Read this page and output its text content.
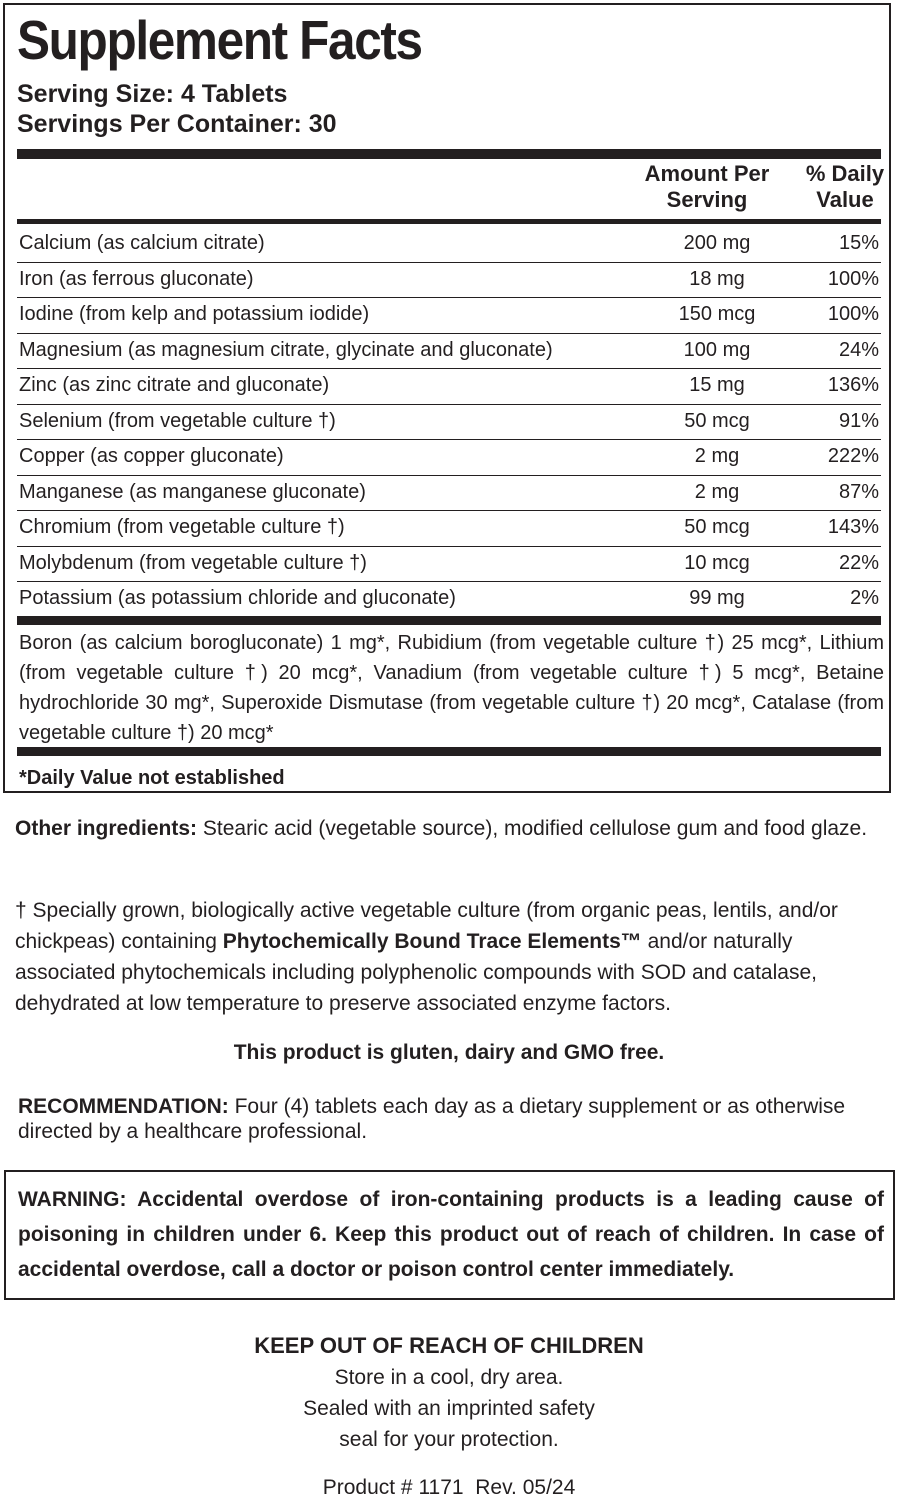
Supplement Facts
Serving Size: 4 Tablets
Servings Per Container: 30
Amount Per
Serving
% Daily
Value
Calcium (as calcium citrate)	200 mg	15%
Iron (as ferrous gluconate)	18 mg	100%
Iodine (from kelp and potassium iodide)	150 mcg	100%
Magnesium (as magnesium citrate, glycinate and gluconate)	100 mg	24%
Zinc (as zinc citrate and gluconate)	15 mg	136%
Selenium (from vegetable culture †)	50 mcg	91%
Copper (as copper gluconate)	2 mg	222%
Manganese (as manganese gluconate)	2 mg	87%
Chromium (from vegetable culture †)	50 mcg	143%
Molybdenum (from vegetable culture †)	10 mcg	22%
Potassium (as potassium chloride and gluconate)	99 mg	2%
Boron (as calcium borogluconate) 1 mg*, Rubidium (from vegetable culture †) 25 mcg*, Lithium (from vegetable culture †) 20 mcg*, Vanadium (from vegetable culture †) 5 mcg*, Betaine hydrochloride 30 mg*, Superoxide Dismutase (from vegetable culture †) 20 mcg*, Catalase (from vegetable culture †) 20 mcg*
*Daily Value not established
Other ingredients: Stearic acid (vegetable source), modified cellulose gum and food glaze.
† Specially grown, biologically active vegetable culture (from organic peas, lentils, and/or chickpeas) containing Phytochemically Bound Trace Elements™ and/or naturally associated phytochemicals including polyphenolic compounds with SOD and catalase, dehydrated at low temperature to preserve associated enzyme factors.
This product is gluten, dairy and GMO free.
RECOMMENDATION: Four (4) tablets each day as a dietary supplement or as otherwise directed by a healthcare professional.
WARNING: Accidental overdose of iron-containing products is a leading cause of poisoning in children under 6. Keep this product out of reach of children. In case of accidental overdose, call a doctor or poison control center immediately.
KEEP OUT OF REACH OF CHILDREN
Store in a cool, dry area.
Sealed with an imprinted safety
seal for your protection.
Product # 1171  Rev. 05/24
